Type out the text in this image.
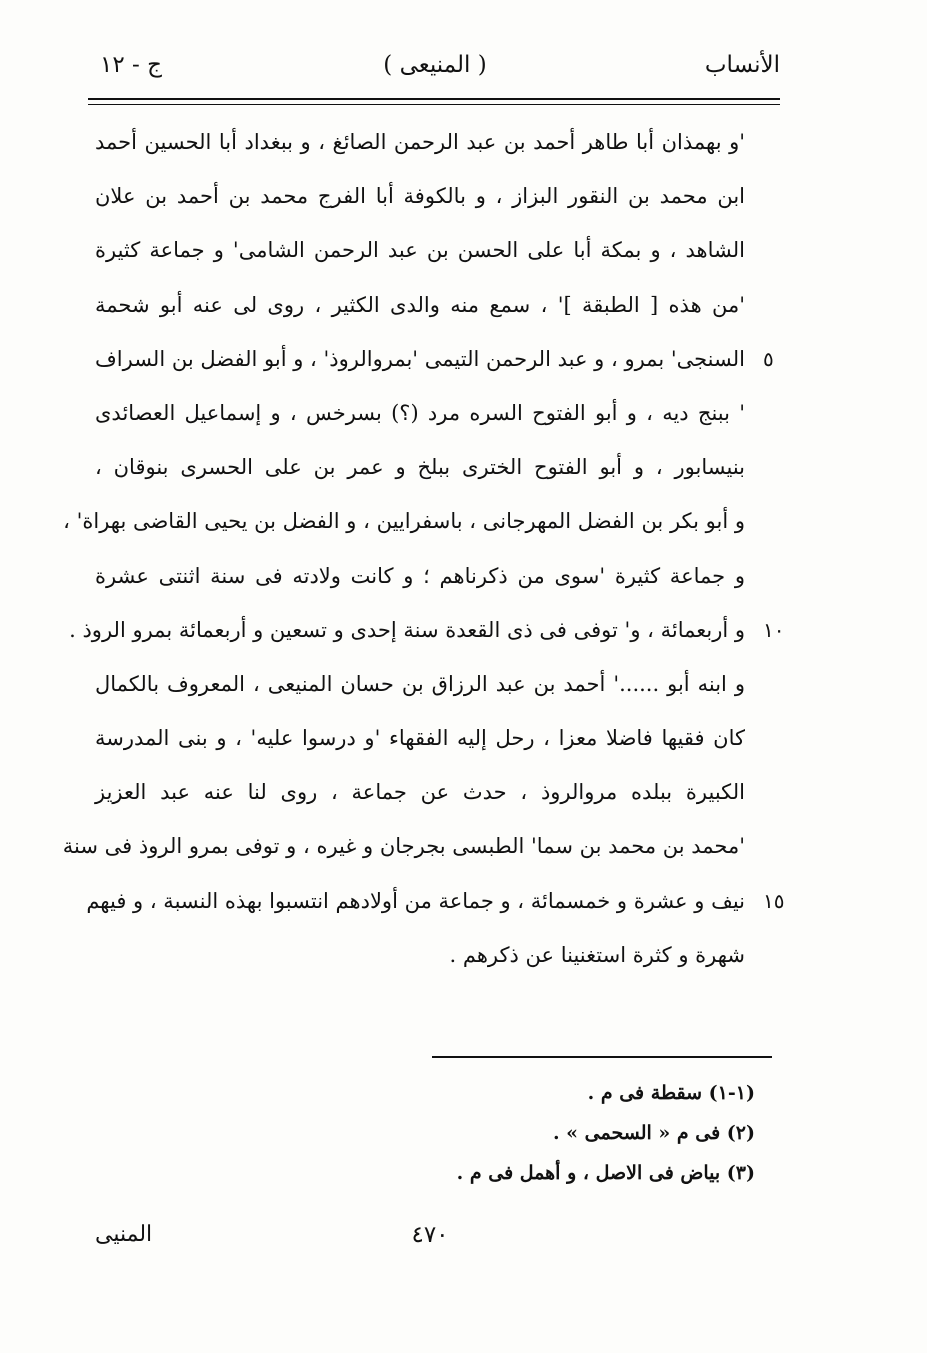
ج - ١٢	( المنيعى )	الأنساب
'و بهمذان أبا طاهر أحمد بن عبد الرحمن الصائغ ، و ببغداد أبا الحسين أحمد
ابن محمد بن النقور البزاز ، و بالكوفة أبا الفرج محمد بن أحمد بن علان
الشاهد ، و بمكة أبا على الحسن بن عبد الرحمن الشامى' و جماعة كثيرة
'من هذه [ الطبقة ]' ، سمع منه والدى الكثير ، روى لى عنه أبو شحمة
السنجى' بمرو ، و عبد الرحمن التيمى 'بمروالروذ' ، و أبو الفضل بن السراف ٥
' ببنج ديه ، و أبو الفتوح السره مرد (؟) بسرخس ، و إسماعيل العصائدى
بنيسابور ، و أبو الفتوح الخترى ببلخ و عمر بن على الحسرى بنوقان ،
و أبو بكر بن الفضل المهرجانى ، باسفرايين ، و الفضل بن يحيى القاضى بهراة' ،
و جماعة كثيرة 'سوى من ذكرناهم ؛ و كانت ولادته فى سنة اثنتى عشرة
و أربعمائة ، و' توفى فى ذى القعدة سنة إحدى و تسعين و أربعمائة بمرو الروذ . ١٠
و ابنه أبو ......' أحمد بن عبد الرزاق بن حسان المنيعى ، المعروف بالكمال
كان فقيها فاضلا معزا ، رحل إليه الفقهاء 'و درسوا عليه' ، و بنى المدرسة
الكبيرة ببلده مروالروذ ، حدث عن جماعة ، روى لنا عنه عبد العزيز
'محمد بن محمد بن سما' الطبسى بجرجان و غيره ، و توفى بمرو الروذ فى سنة
نيف و عشرة و خمسمائة ، و جماعة من أولادهم انتسبوا بهذه النسبة ، و فيهم ١٥
شهرة و كثرة استغنينا عن ذكرهم .
(١-١) سقطة فى م .
(٢) فى م « السحمى » .
(٣) بياض فى الاصل ، و أهمل فى م .
المنيى	٤٧٠
